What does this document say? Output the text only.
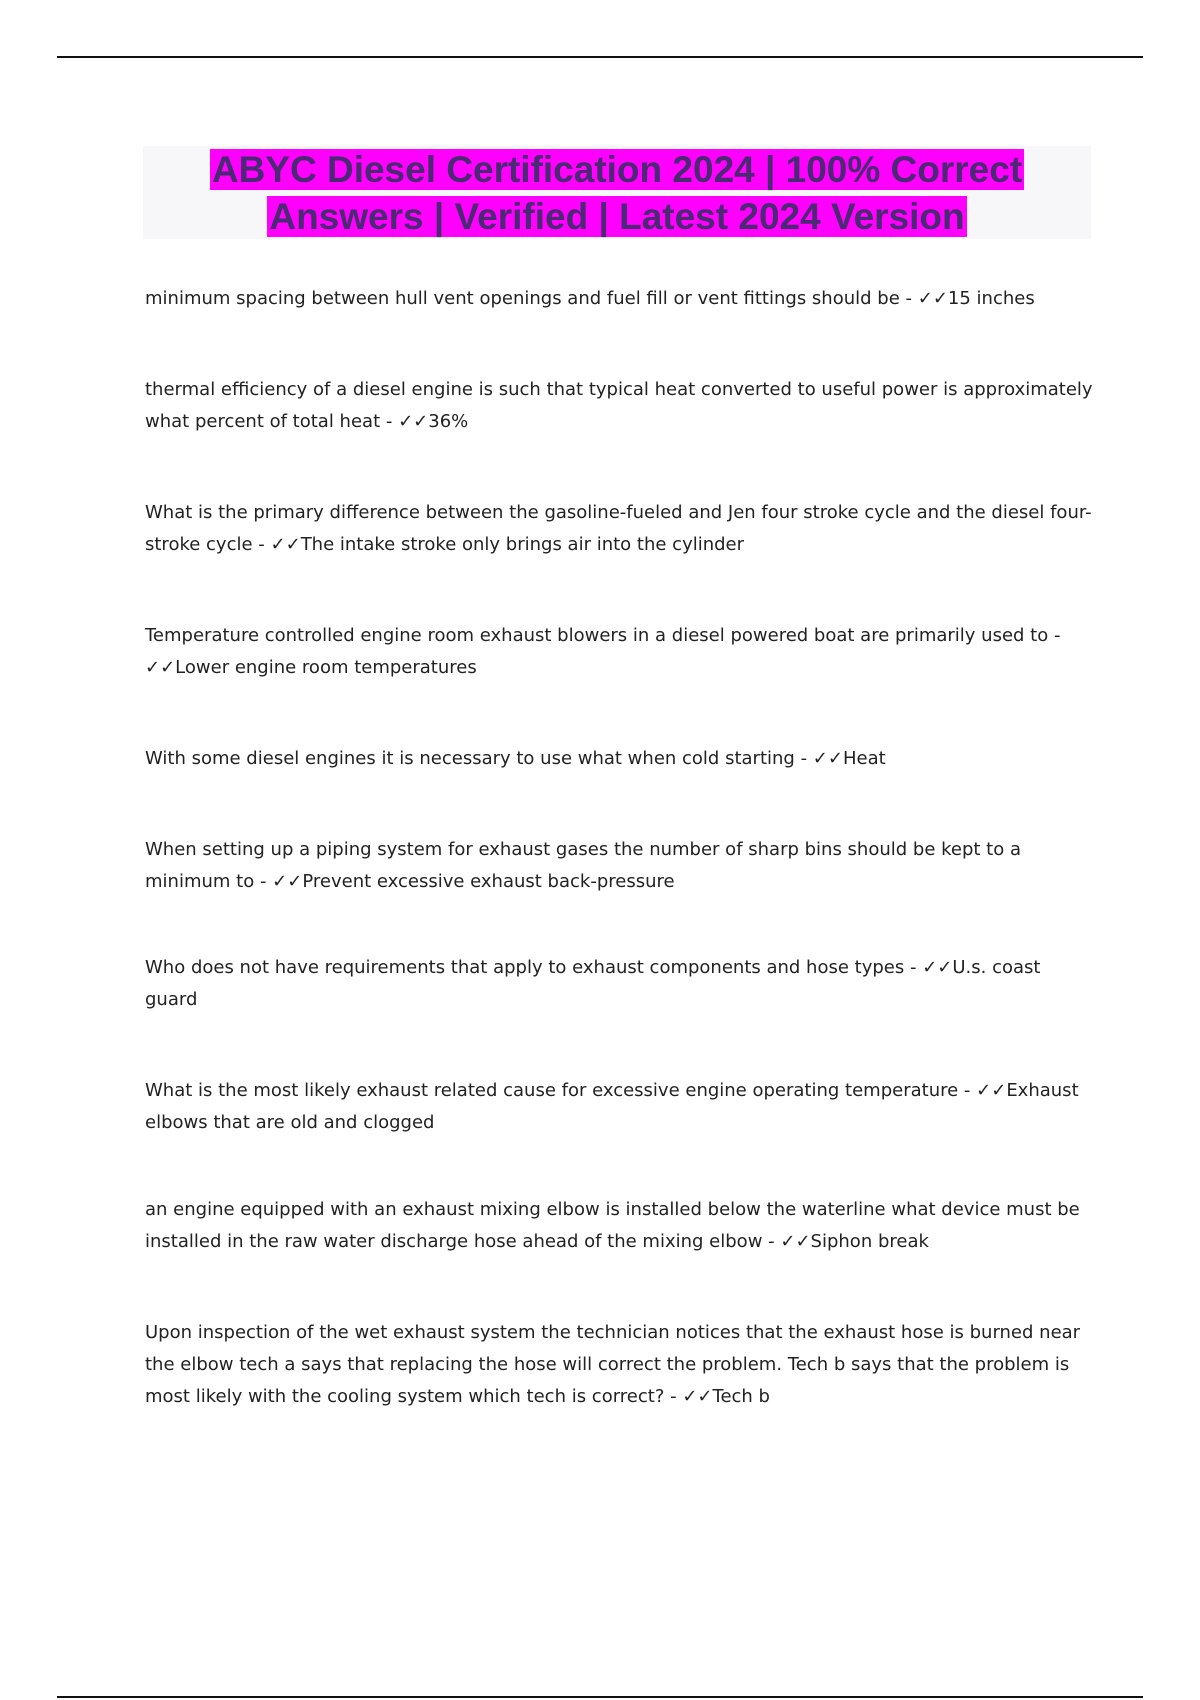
ABYC Diesel Certification 2024 | 100% Correct
Answers | Verified | Latest 2024 Version
minimum spacing between hull vent openings and fuel fill or vent fittings should be - ✓✓15 inches
thermal efficiency of a diesel engine is such that typical heat converted to useful power is approximately what percent of total heat - ✓✓36%
What is the primary difference between the gasoline-fueled and Jen four stroke cycle and the diesel four-stroke cycle - ✓✓The intake stroke only brings air into the cylinder
Temperature controlled engine room exhaust blowers in a diesel powered boat are primarily used to - ✓✓Lower engine room temperatures
With some diesel engines it is necessary to use what when cold starting - ✓✓Heat
When setting up a piping system for exhaust gases the number of sharp bins should be kept to a minimum to - ✓✓Prevent excessive exhaust back-pressure
Who does not have requirements that apply to exhaust components and hose types - ✓✓U.s. coast guard
What is the most likely exhaust related cause for excessive engine operating temperature - ✓✓Exhaust elbows that are old and clogged
an engine equipped with an exhaust mixing elbow is installed below the waterline what device must be installed in the raw water discharge hose ahead of the mixing elbow - ✓✓Siphon break
Upon inspection of the wet exhaust system the technician notices that the exhaust hose is burned near the elbow tech a says that replacing the hose will correct the problem. Tech b says that the problem is most likely with the cooling system which tech is correct? - ✓✓Tech b
